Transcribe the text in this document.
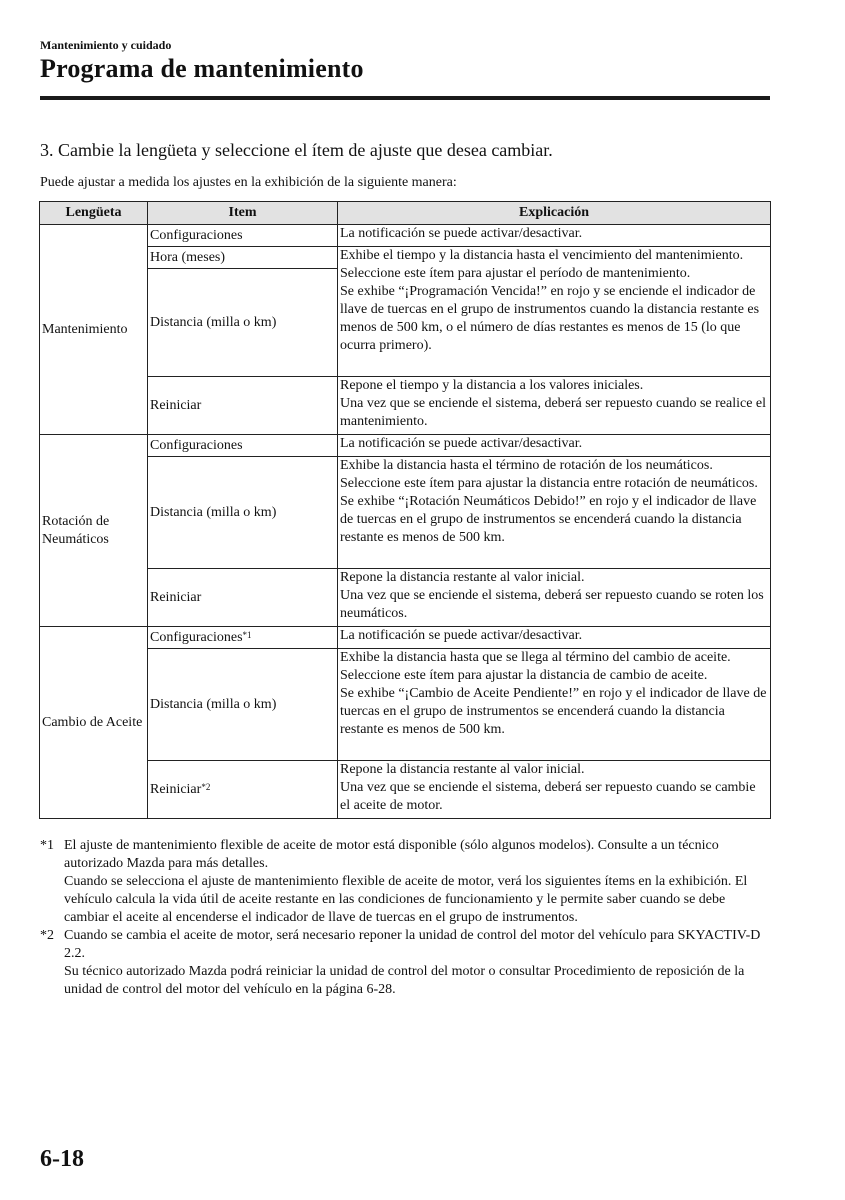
Mantenimiento y cuidado
Programa de mantenimiento
3. Cambie la lengüeta y seleccione el ítem de ajuste que desea cambiar.
Puede ajustar a medida los ajustes en la exhibición de la siguiente manera:
Lengüeta	Item	Explicación
Mantenimiento	Configuraciones	La notificación se puede activar/desactivar.

	Hora (meses)	Exhibe el tiempo y la distancia hasta el vencimiento del mantenimiento.
Seleccione este ítem para ajustar el período de mantenimiento.
Se exhibe “¡Programación Vencida!” en rojo y se enciende el indicador de llave de tuercas en el grupo de instrumentos cuando la distancia restante es menos de 500 km, o el número de días restantes es menos de 15 (lo que ocurra primero).

	Distancia (milla o km)	
	Reiniciar	Repone el tiempo y la distancia a los valores iniciales.
Una vez que se enciende el sistema, deberá ser repuesto cuando se realice el mantenimiento.

Rotación de Neumáticos	Configuraciones	La notificación se puede activar/desactivar.

	Distancia (milla o km)	Exhibe la distancia hasta el término de rotación de los neumáticos.
Seleccione este ítem para ajustar la distancia entre rotación de neumáticos.
Se exhibe “¡Rotación Neumáticos Debido!” en rojo y el indicador de llave de tuercas en el grupo de instrumentos se encenderá cuando la distancia restante es menos de 500 km.

	Reiniciar	Repone la distancia restante al valor inicial.
Una vez que se enciende el sistema, deberá ser repuesto cuando se roten los neumáticos.

Cambio de Aceite	Configuraciones$^{*1}$	La notificación se puede activar/desactivar.

	Distancia (milla o km)	Exhibe la distancia hasta que se llega al término del cambio de aceite.
Seleccione este ítem para ajustar la distancia de cambio de aceite.
Se exhibe “¡Cambio de Aceite Pendiente!” en rojo y el indicador de llave de tuercas en el grupo de instrumentos se encenderá cuando la distancia restante es menos de 500 km.

	Reiniciar$^{*2}$	Repone la distancia restante al valor inicial.
Una vez que se enciende el sistema, deberá ser repuesto cuando se cambie el aceite de motor.
*1 El ajuste de mantenimiento flexible de aceite de motor está disponible (sólo algunos modelos). Consulte a un técnico autorizado Mazda para más detalles.
Cuando se selecciona el ajuste de mantenimiento flexible de aceite de motor, verá los siguientes ítems en la exhibición. El vehículo calcula la vida útil de aceite restante en las condiciones de funcionamiento y le permite saber cuando se debe cambiar el aceite al encenderse el indicador de llave de tuercas en el grupo de instrumentos.
*2 Cuando se cambia el aceite de motor, será necesario reponer la unidad de control del motor del vehículo para SKYACTIV-D 2.2.
Su técnico autorizado Mazda podrá reiniciar la unidad de control del motor o consultar Procedimiento de reposición de la unidad de control del motor del vehículo en la página 6-28.
6-18
